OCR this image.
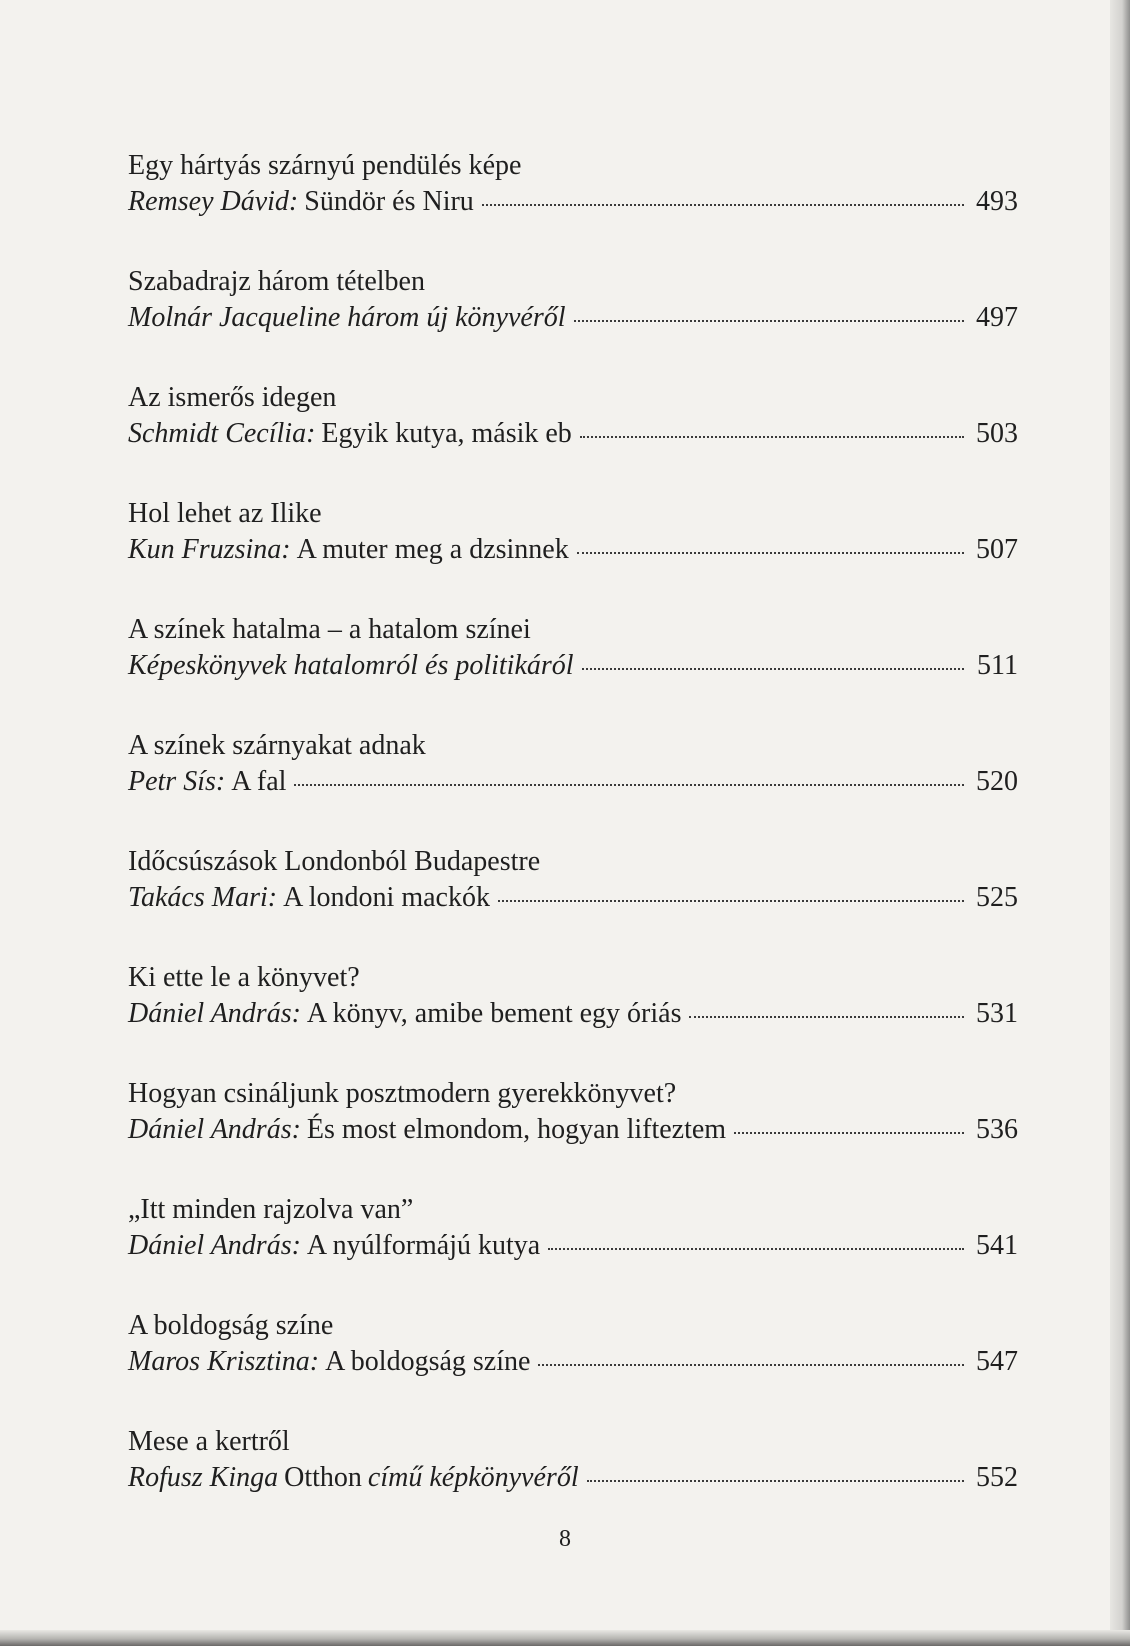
Egy hártyás szárnyú pendülés képe
Remsey Dávid: Sündör és Niru	493
Szabadrajz három tételben
Molnár Jacqueline három új könyvéről	497
Az ismerős idegen
Schmidt Cecília: Egyik kutya, másik eb	503
Hol lehet az Ilike
Kun Fruzsina: A muter meg a dzsinnek	507
A színek hatalma – a hatalom színei
Képeskönyvek hatalomról és politikáról	511
A színek szárnyakat adnak
Petr Sís: A fal	520
Időcsúszások Londonból Budapestre
Takács Mari: A londoni mackók	525
Ki ette le a könyvet?
Dániel András: A könyv, amibe bement egy óriás	531
Hogyan csináljunk posztmodern gyerekkönyvet?
Dániel András: És most elmondom, hogyan lifteztem	536
„Itt minden rajzolva van”
Dániel András: A nyúlformájú kutya	541
A boldogság színe
Maros Krisztina: A boldogság színe	547
Mese a kertről
Rofusz Kinga Otthon című képkönyvéről	552
8
